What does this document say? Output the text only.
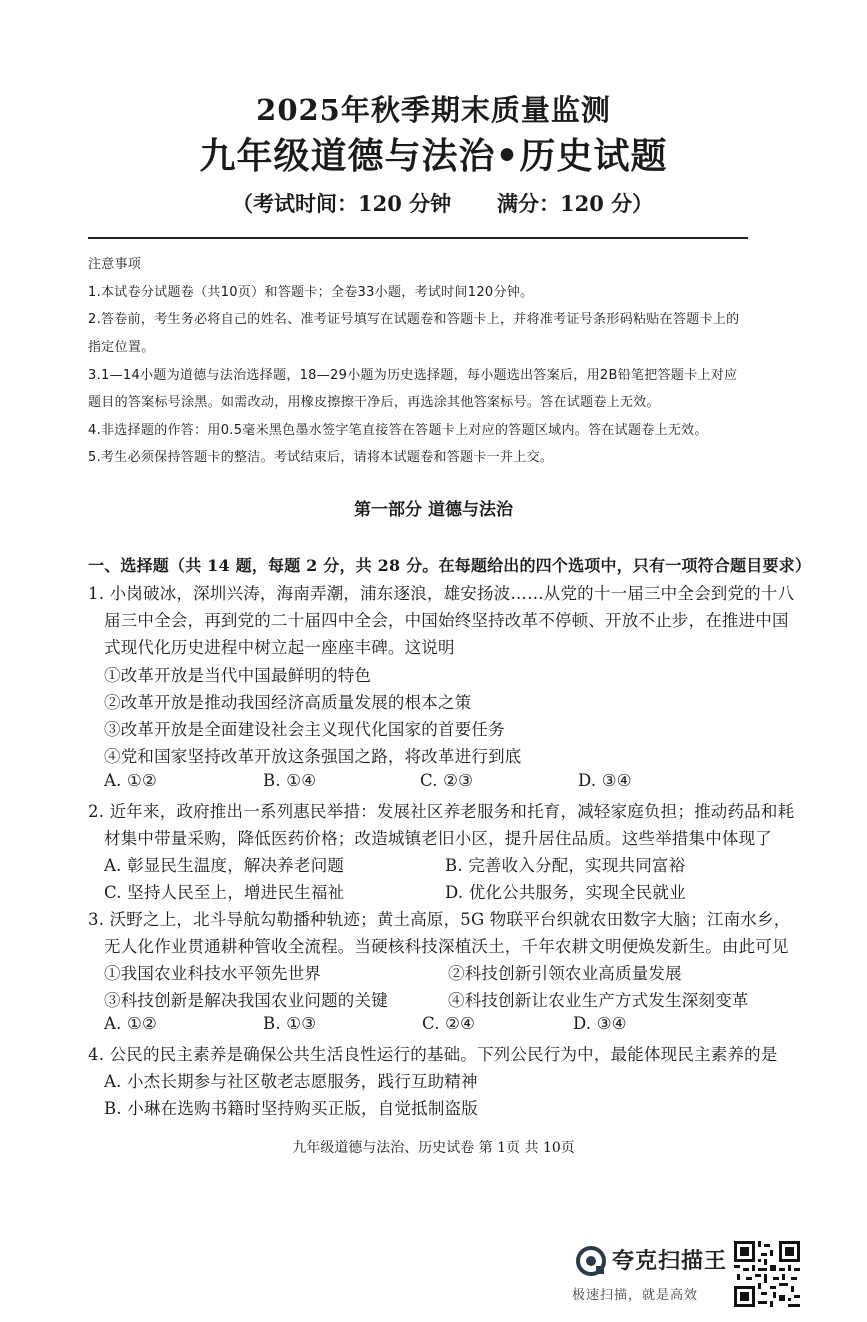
2025年秋季期末质量监测
九年级道德与法治•历史试题
（考试时间：120 分钟 满分：120 分）
注意事项
1.本试卷分试题卷（共10页）和答题卡；全卷33小题，考试时间120分钟。
2.答卷前，考生务必将自己的姓名、准考证号填写在试题卷和答题卡上，并将准考证号条形码粘贴在答题卡上的
指定位置。
3.1—14小题为道德与法治选择题，18—29小题为历史选择题，每小题选出答案后，用2B铅笔把答题卡上对应
题目的答案标号涂黑。如需改动，用橡皮擦擦干净后，再选涂其他答案标号。答在试题卷上无效。
4.非选择题的作答：用0.5毫米黑色墨水签字笔直接答在答题卡上对应的答题区域内。答在试题卷上无效。
5.考生必须保持答题卡的整洁。考试结束后，请将本试题卷和答题卡一并上交。
第一部分 道德与法治
一、选择题（共 14 题，每题 2 分，共 28 分。在每题给出的四个选项中，只有一项符合题目要求）
1. 小岗破冰，深圳兴涛，海南弄潮，浦东逐浪，雄安扬波……从党的十一届三中全会到党的十八
届三中全会，再到党的二十届四中全会，中国始终坚持改革不停顿、开放不止步，在推进中国
式现代化历史进程中树立起一座座丰碑。这说明
①改革开放是当代中国最鲜明的特色
②改革开放是推动我国经济高质量发展的根本之策
③改革开放是全面建设社会主义现代化国家的首要任务
④党和国家坚持改革开放这条强国之路，将改革进行到底
A. ①②	B. ①④	C. ②③	D. ③④
2. 近年来，政府推出一系列惠民举措：发展社区养老服务和托育，减轻家庭负担；推动药品和耗
材集中带量采购，降低医药价格；改造城镇老旧小区，提升居住品质。这些举措集中体现了
A. 彰显民生温度，解决养老问题	B. 完善收入分配，实现共同富裕
C. 坚持人民至上，增进民生福祉	D. 优化公共服务，实现全民就业
3. 沃野之上，北斗导航勾勒播种轨迹；黄土高原，5G 物联平台织就农田数字大脑；江南水乡，
无人化作业贯通耕种管收全流程。当硬核科技深植沃土，千年农耕文明便焕发新生。由此可见
①我国农业科技水平领先世界	②科技创新引领农业高质量发展
③科技创新是解决我国农业问题的关键	④科技创新让农业生产方式发生深刻变革
A. ①②	B. ①③	C. ②④	D. ③④
4. 公民的民主素养是确保公共生活良性运行的基础。下列公民行为中，最能体现民主素养的是
A. 小杰长期参与社区敬老志愿服务，践行互助精神
B. 小琳在选购书籍时坚持购买正版，自觉抵制盗版
九年级道德与法治、历史试卷 第 1页 共 10页
夸克扫描王
极速扫描，就是高效
